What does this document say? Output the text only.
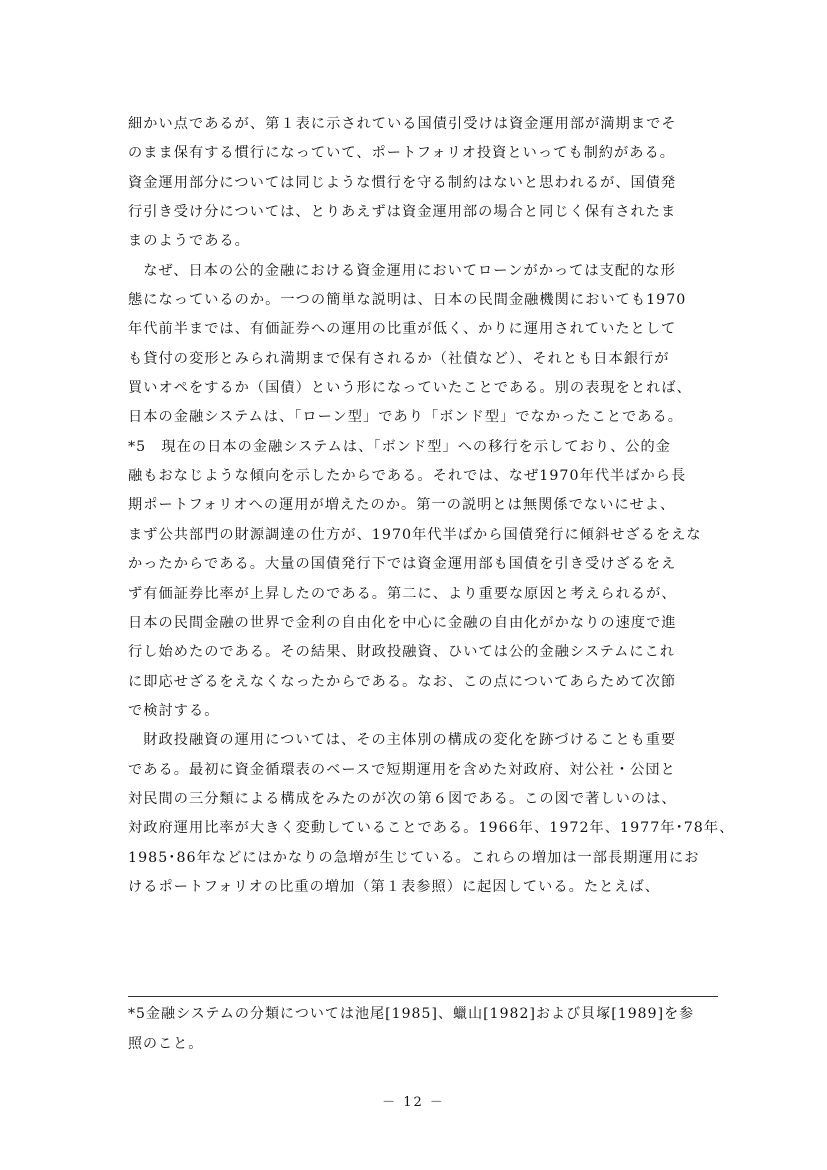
細かい点であるが、第１表に示されている国債引受けは資金運用部が満期までそ
のまま保有する慣行になっていて、ポートフォリオ投資といっても制約がある。
資金運用部分については同じような慣行を守る制約はないと思われるが、国債発
行引き受け分については、とりあえずは資金運用部の場合と同じく保有されたま
まのようである。
　なぜ、日本の公的金融における資金運用においてローンがかっては支配的な形
態になっているのか。一つの簡単な説明は、日本の民間金融機関においても1970
年代前半までは、有価証券への運用の比重が低く、かりに運用されていたとして
も貸付の変形とみられ満期まで保有されるか（社債など）、それとも日本銀行が
買いオペをするか（国債）という形になっていたことである。別の表現をとれば、
日本の金融システムは、「ローン型」であり「ボンド型」でなかったことである。
*5　現在の日本の金融システムは、「ボンド型」への移行を示しており、公的金
融もおなじような傾向を示したからである。それでは、なぜ1970年代半ばから長
期ポートフォリオへの運用が増えたのか。第一の説明とは無関係でないにせよ、
まず公共部門の財源調達の仕方が、1970年代半ばから国債発行に傾斜せざるをえな
かったからである。大量の国債発行下では資金運用部も国債を引き受けざるをえ
ず有価証券比率が上昇したのである。第二に、より重要な原因と考えられるが、
日本の民間金融の世界で金利の自由化を中心に金融の自由化がかなりの速度で進
行し始めたのである。その結果、財政投融資、ひいては公的金融システムにこれ
に即応せざるをえなくなったからである。なお、この点についてあらためて次節
で検討する。
　財政投融資の運用については、その主体別の構成の変化を跡づけることも重要
である。最初に資金循環表のベースで短期運用を含めた対政府、対公社・公団と
対民間の三分類による構成をみたのが次の第６図である。この図で著しいのは、
対政府運用比率が大きく変動していることである。1966年、1972年、1977年･78年、
1985･86年などにはかなりの急増が生じている。これらの増加は一部長期運用にお
けるポートフォリオの比重の増加（第１表参照）に起因している。たとえば、
*5金融システムの分類については池尾[1985]、蠟山[1982]および貝塚[1989]を参
照のこと。
－ 12 －
